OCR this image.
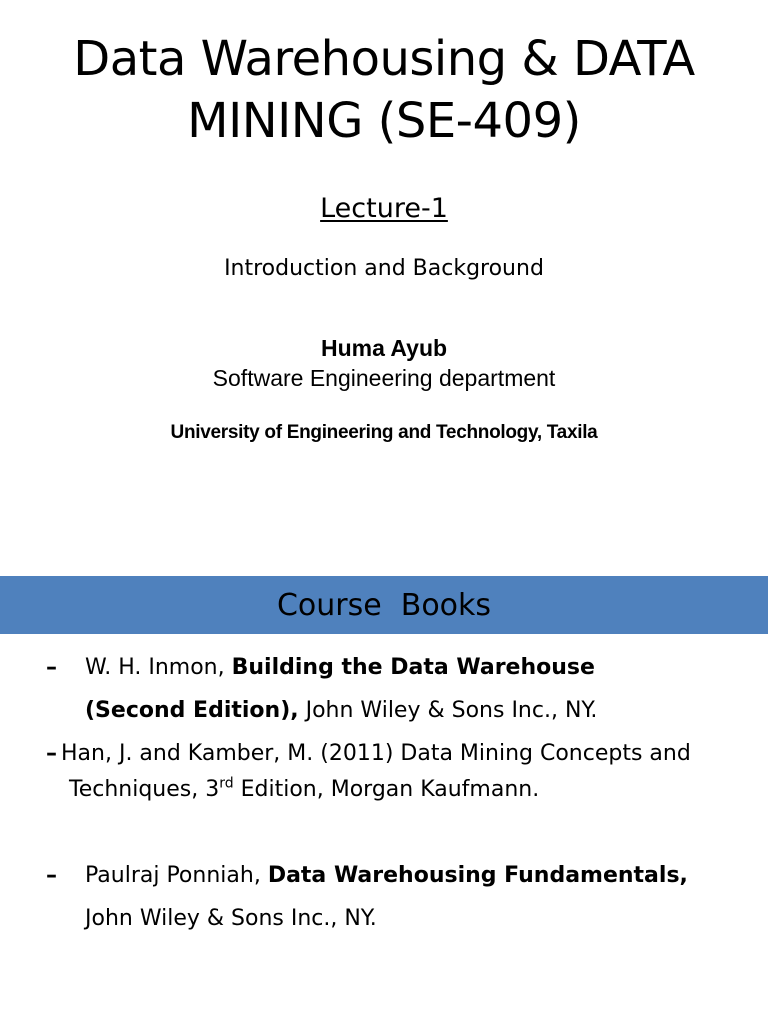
Data Warehousing & DATA
MINING (SE-409)
Lecture-1
Introduction and Background
Huma Ayub
Software Engineering department
University of Engineering and Technology, Taxila
Course  Books
– W. H. Inmon, Building the Data Warehouse
(Second Edition), John Wiley & Sons Inc., NY.
– Han, J. and Kamber, M. (2011) Data Mining Concepts and
Techniques, 3rd Edition, Morgan Kaufmann.
– Paulraj Ponniah, Data Warehousing Fundamentals,
John Wiley & Sons Inc., NY.
